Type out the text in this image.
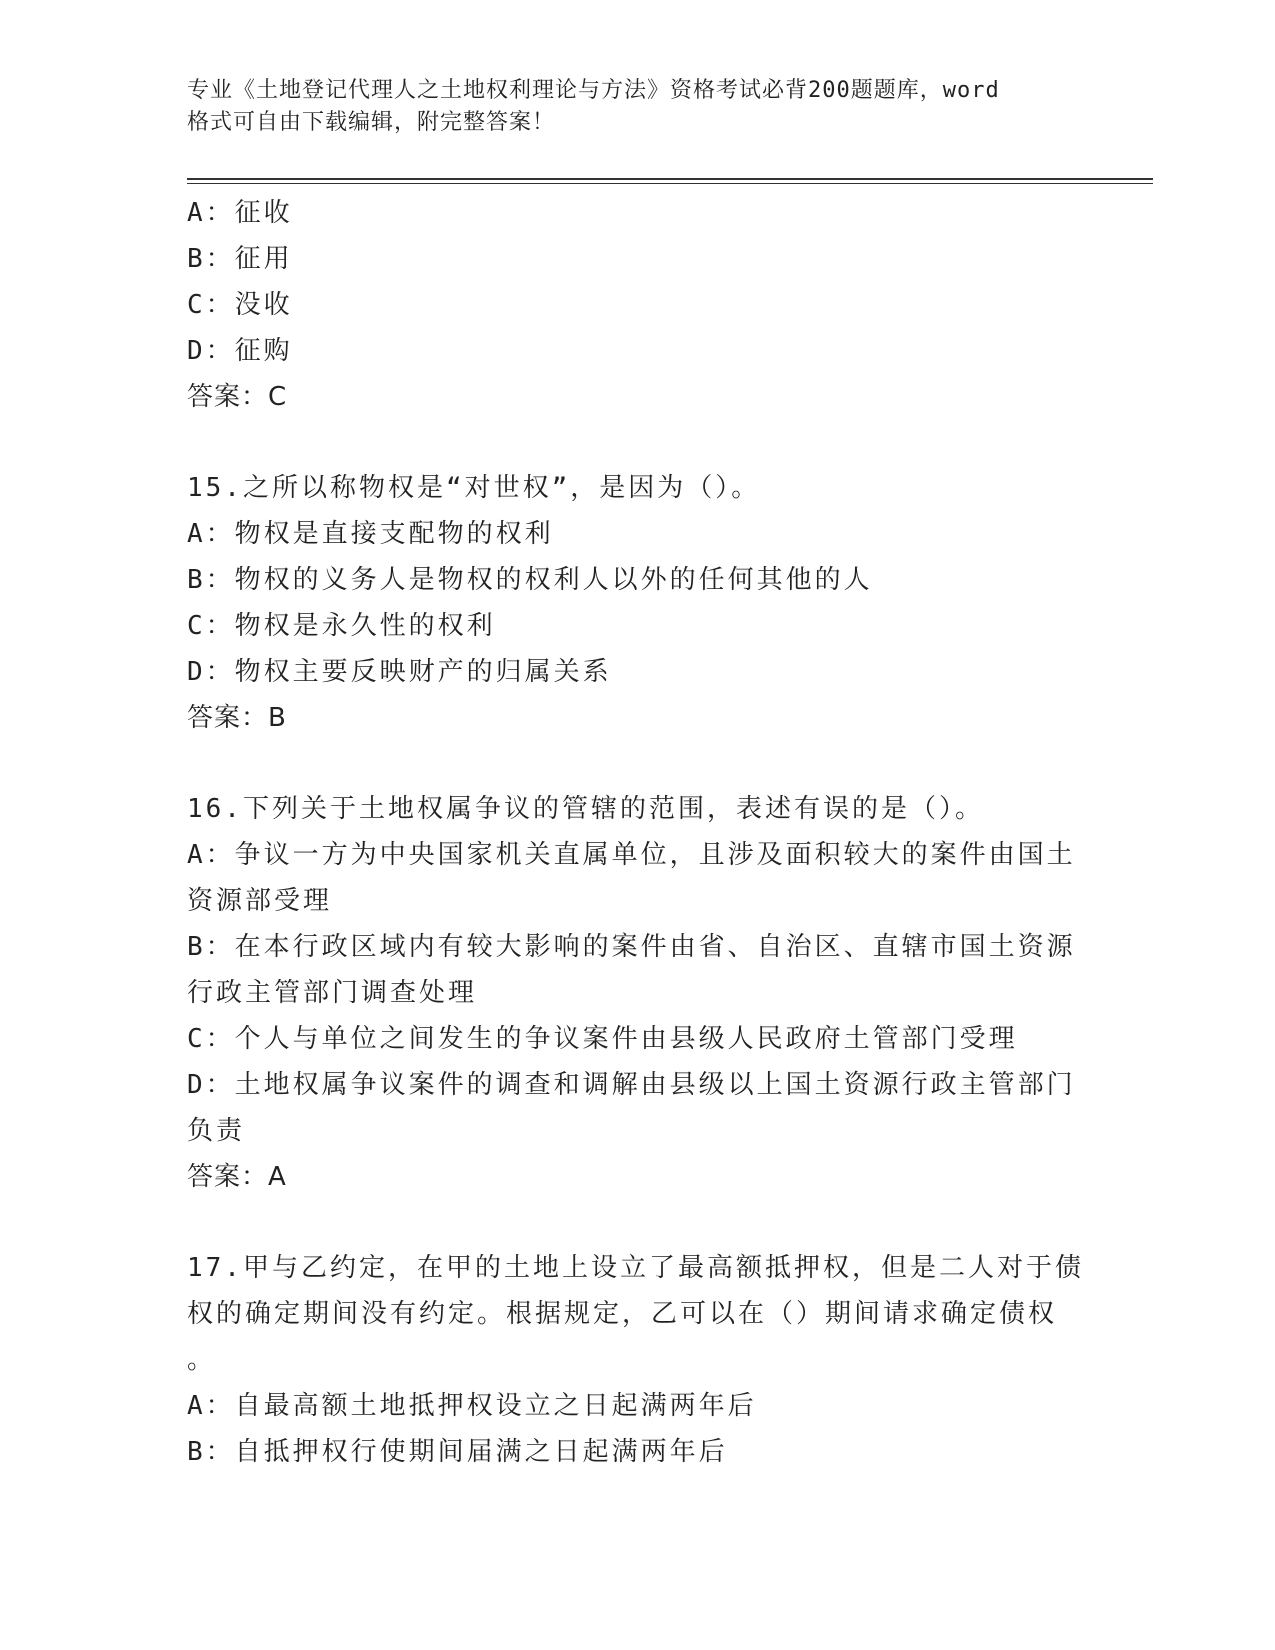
专业《土地登记代理人之土地权利理论与方法》资格考试必背200题题库，word
格式可自由下载编辑，附完整答案！
A：征收
B：征用
C：没收
D：征购
答案：C
15.之所以称物权是“对世权”，是因为（）。
A：物权是直接支配物的权利
B：物权的义务人是物权的权利人以外的任何其他的人
C：物权是永久性的权利
D：物权主要反映财产的归属关系
答案：B
16.下列关于土地权属争议的管辖的范围，表述有误的是（）。
A：争议一方为中央国家机关直属单位，且涉及面积较大的案件由国土
资源部受理
B：在本行政区域内有较大影响的案件由省、自治区、直辖市国土资源
行政主管部门调查处理
C：个人与单位之间发生的争议案件由县级人民政府土管部门受理
D：土地权属争议案件的调查和调解由县级以上国土资源行政主管部门
负责
答案：A
17.甲与乙约定，在甲的土地上设立了最高额抵押权，但是二人对于债
权的确定期间没有约定。根据规定，乙可以在（）期间请求确定债权
。
A：自最高额土地抵押权设立之日起满两年后
B：自抵押权行使期间届满之日起满两年后
